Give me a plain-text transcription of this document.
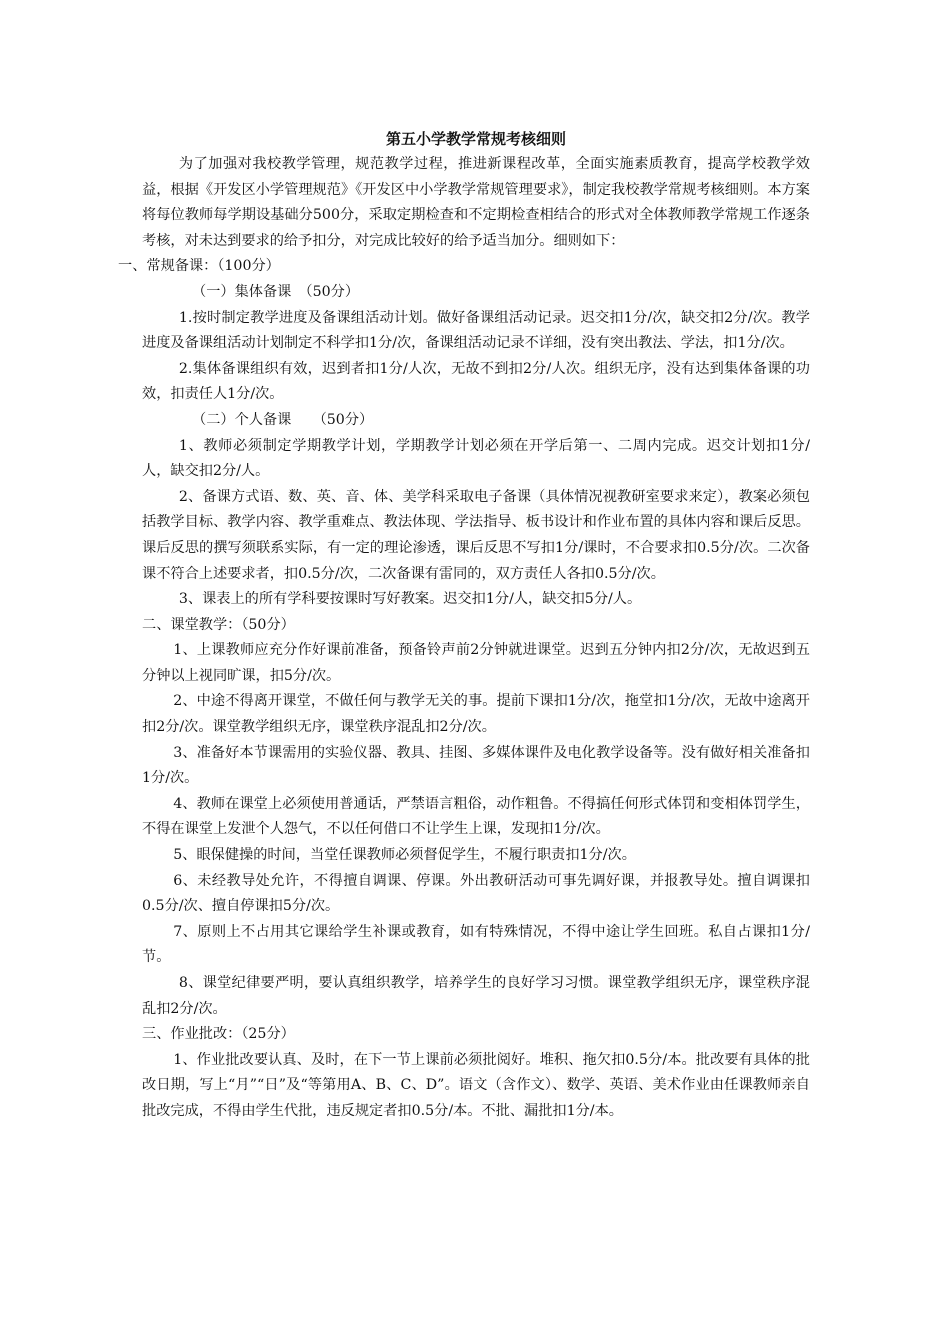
第五小学教学常规考核细则

为了加强对我校教学管理，规范教学过程，推进新课程改革，全面实施素质教育，提高学校教学效益，根据《开发区小学管理规范》《开发区中小学教学常规管理要求》，制定我校教学常规考核细则。本方案将每位教师每学期设基础分500分，采取定期检查和不定期检查相结合的形式对全体教师教学常规工作逐条考核，对未达到要求的给予扣分，对完成比较好的给予适当加分。细则如下：

一、常规备课：（100分）

（一）集体备课　（50分）

1.按时制定教学进度及备课组活动计划。做好备课组活动记录。迟交扣1分/次，缺交扣2分/次。教学进度及备课组活动计划制定不科学扣1分/次，备课组活动记录不详细，没有突出教法、学法，扣1分/次。

2.集体备课组织有效，迟到者扣1分/人次，无故不到扣2分/人次。组织无序，没有达到集体备课的功效，扣责任人1分/次。

（二）个人备课　　（50分）

1、教师必须制定学期教学计划，学期教学计划必须在开学后第一、二周内完成。迟交计划扣1分/人，缺交扣2分/人。

2、备课方式语、数、英、音、体、美学科采取电子备课（具体情况视教研室要求来定），教案必须包括教学目标、教学内容、教学重难点、教法体现、学法指导、板书设计和作业布置的具体内容和课后反思。课后反思的撰写须联系实际，有一定的理论渗透，课后反思不写扣1分/课时，不合要求扣0.5分/次。二次备课不符合上述要求者，扣0.5分/次，二次备课有雷同的，双方责任人各扣0.5分/次。

3、课表上的所有学科要按课时写好教案。迟交扣1分/人，缺交扣5分/人。

二、课堂教学：（50分）

1、上课教师应充分作好课前准备，预备铃声前2分钟就进课堂。迟到五分钟内扣2分/次，无故迟到五分钟以上视同旷课，扣5分/次。

2、中途不得离开课堂，不做任何与教学无关的事。提前下课扣1分/次，拖堂扣1分/次，无故中途离开扣2分/次。课堂教学组织无序，课堂秩序混乱扣2分/次。

3、准备好本节课需用的实验仪器、教具、挂图、多媒体课件及电化教学设备等。没有做好相关准备扣1分/次。

4、教师在课堂上必须使用普通话，严禁语言粗俗，动作粗鲁。不得搞任何形式体罚和变相体罚学生，不得在课堂上发泄个人怨气，不以任何借口不让学生上课，发现扣1分/次。

5、眼保健操的时间，当堂任课教师必须督促学生，不履行职责扣1分/次。

6、未经教导处允许，不得擅自调课、停课。外出教研活动可事先调好课，并报教导处。擅自调课扣0.5分/次、擅自停课扣5分/次。

7、原则上不占用其它课给学生补课或教育，如有特殊情况，不得中途让学生回班。私自占课扣1分/节。

8、课堂纪律要严明，要认真组织教学，培养学生的良好学习习惯。课堂教学组织无序，课堂秩序混乱扣2分/次。

三、作业批改：（25分）

1、作业批改要认真、及时，在下一节上课前必须批阅好。堆积、拖欠扣0.5分/本。批改要有具体的批改日期，写上“月”“日”及“等第用A、B、C、D”。语文（含作文）、数学、英语、美术作业由任课教师亲自批改完成，不得由学生代批，违反规定者扣0.5分/本。不批、漏批扣1分/本。
